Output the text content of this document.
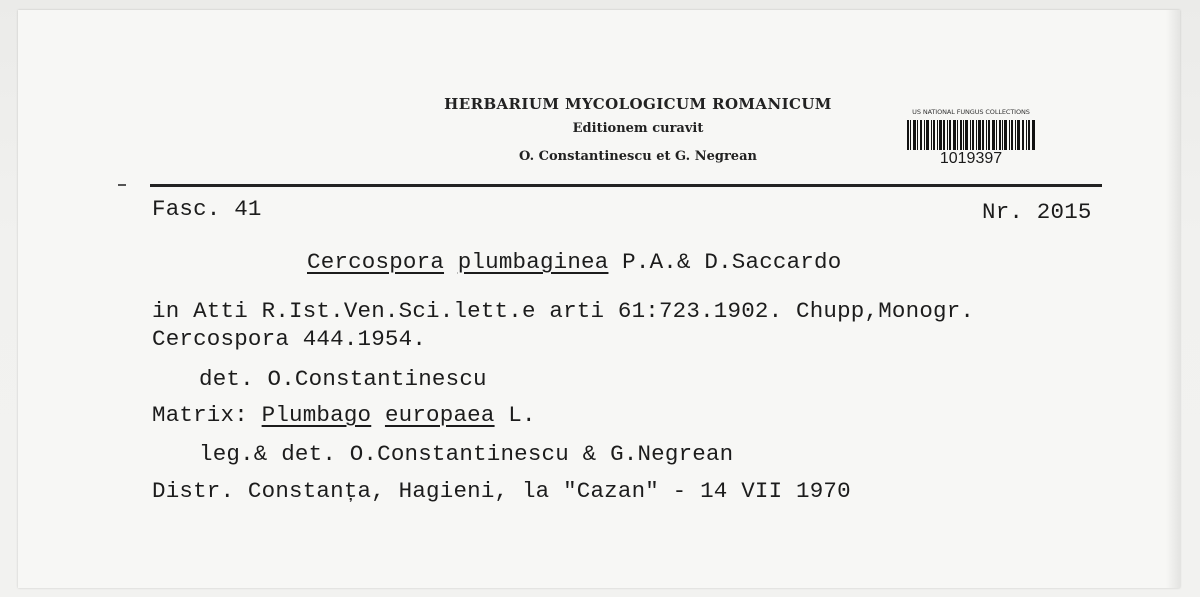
HERBARIUM MYCOLOGICUM ROMANICUM
Editionem curavit
O. Constantinescu et G. Negrean
US NATIONAL FUNGUS COLLECTIONS
1019397
Fasc. 41	Nr. 2015
Cercospora plumbaginea P.A.& D.Saccardo
in Atti R.Ist.Ven.Sci.lett.e arti 61:723.1902. Chupp,Monogr.
Cercospora 444.1954.
det. O.Constantinescu
Matrix: Plumbago europaea L.
leg.& det. O.Constantinescu & G.Negrean
Distr. Constanța, Hagieni, la "Cazan" - 14 VII 1970
